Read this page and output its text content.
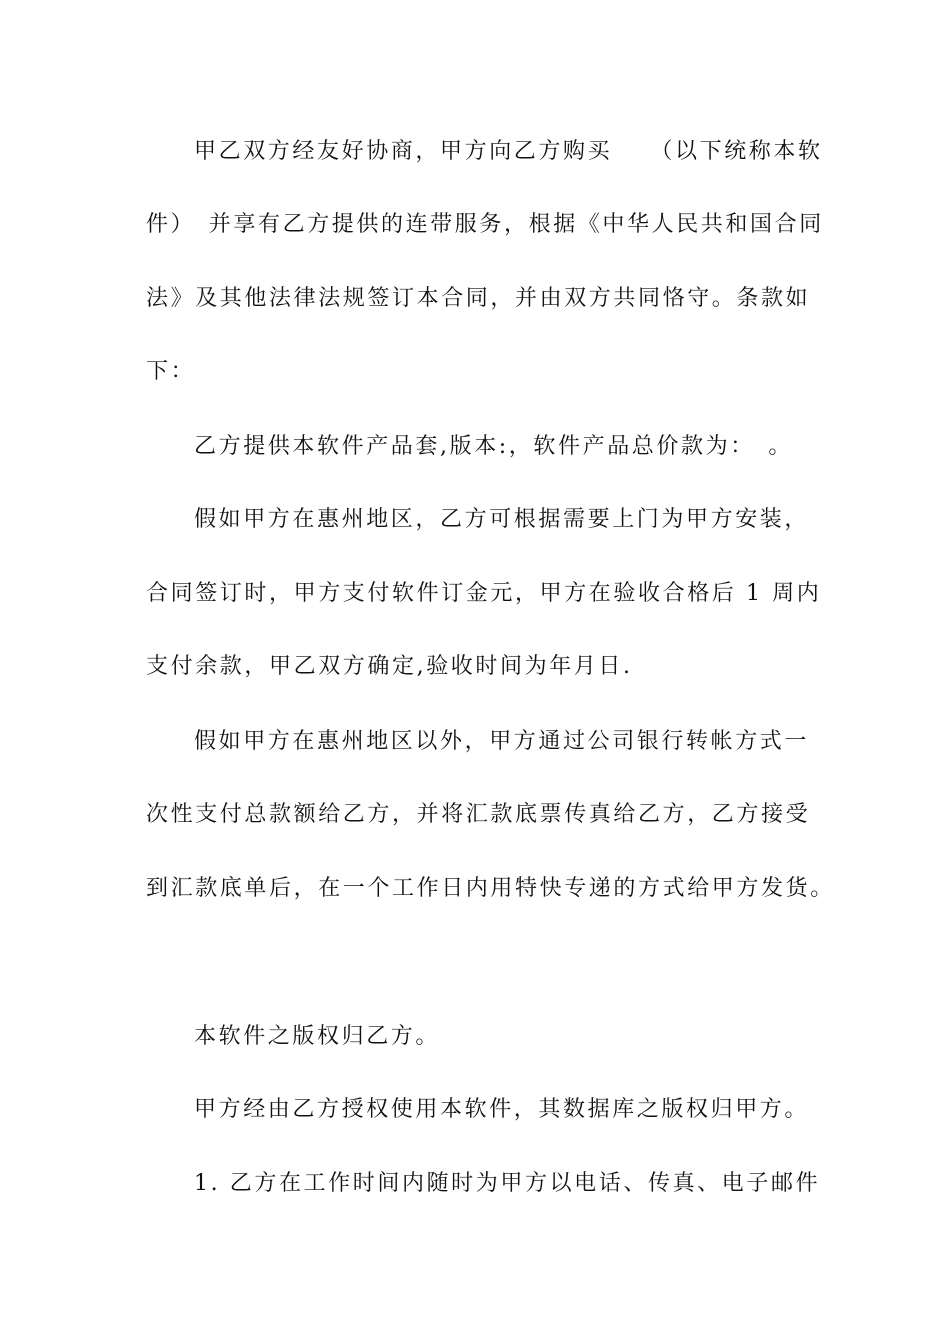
甲乙双方经友好协商，甲方向乙方购买　　（以下统称本软
件）　并享有乙方提供的连带服务，根据《中华人民共和国合同
法》及其他法律法规签订本合同，并由双方共同恪守。条款如
下：
乙方提供本软件产品套,版本:，软件产品总价款为：　。
假如甲方在惠州地区，乙方可根据需要上门为甲方安装，
合同签订时，甲方支付软件订金元，甲方在验收合格后 1 周内
支付余款，甲乙双方确定,验收时间为年月日.
假如甲方在惠州地区以外，甲方通过公司银行转帐方式一
次性支付总款额给乙方，并将汇款底票传真给乙方，乙方接受
到汇款底单后，在一个工作日内用特快专递的方式给甲方发货。
本软件之版权归乙方。
甲方经由乙方授权使用本软件，其数据库之版权归甲方。
1. 乙方在工作时间内随时为甲方以电话、传真、电子邮件
